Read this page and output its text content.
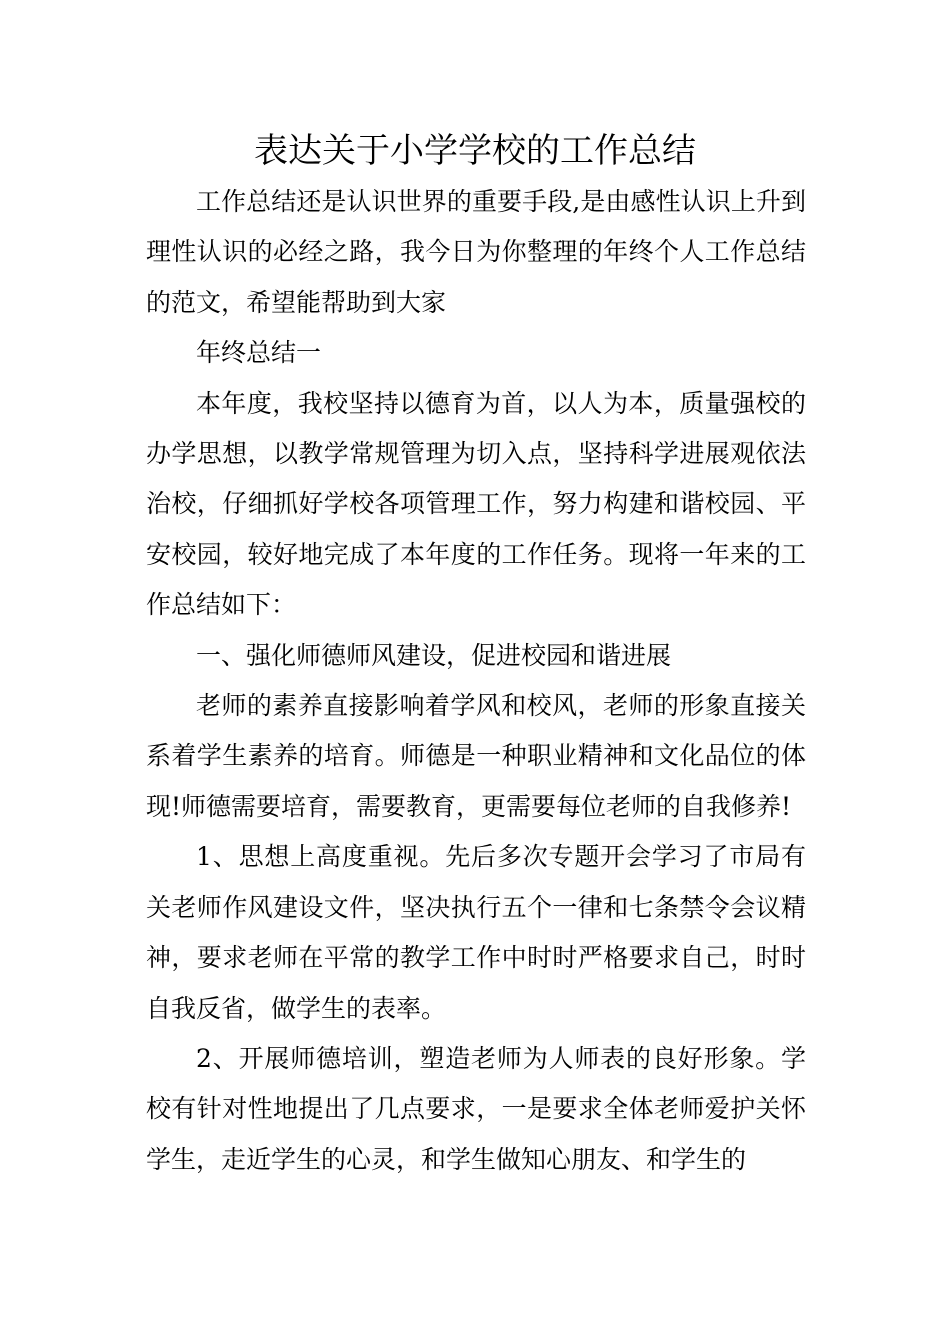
表达关于小学学校的工作总结

工作总结还是认识世界的重要手段,是由感性认识上升到理性认识的必经之路，我今日为你整理的年终个人工作总结的范文，希望能帮助到大家

年终总结一

本年度，我校坚持以德育为首，以人为本，质量强校的办学思想，以教学常规管理为切入点，坚持科学进展观依法治校，仔细抓好学校各项管理工作，努力构建和谐校园、平安校园，较好地完成了本年度的工作任务。现将一年来的工作总结如下：

一、强化师德师风建设，促进校园和谐进展

老师的素养直接影响着学风和校风，老师的形象直接关系着学生素养的培育。师德是一种职业精神和文化品位的体现!师德需要培育，需要教育，更需要每位老师的自我修养!

1、思想上高度重视。先后多次专题开会学习了市局有关老师作风建设文件，坚决执行五个一律和七条禁令会议精神，要求老师在平常的教学工作中时时严格要求自己，时时自我反省，做学生的表率。

2、开展师德培训，塑造老师为人师表的良好形象。学校有针对性地提出了几点要求，一是要求全体老师爱护关怀学生，走近学生的心灵，和学生做知心朋友、和学生的
